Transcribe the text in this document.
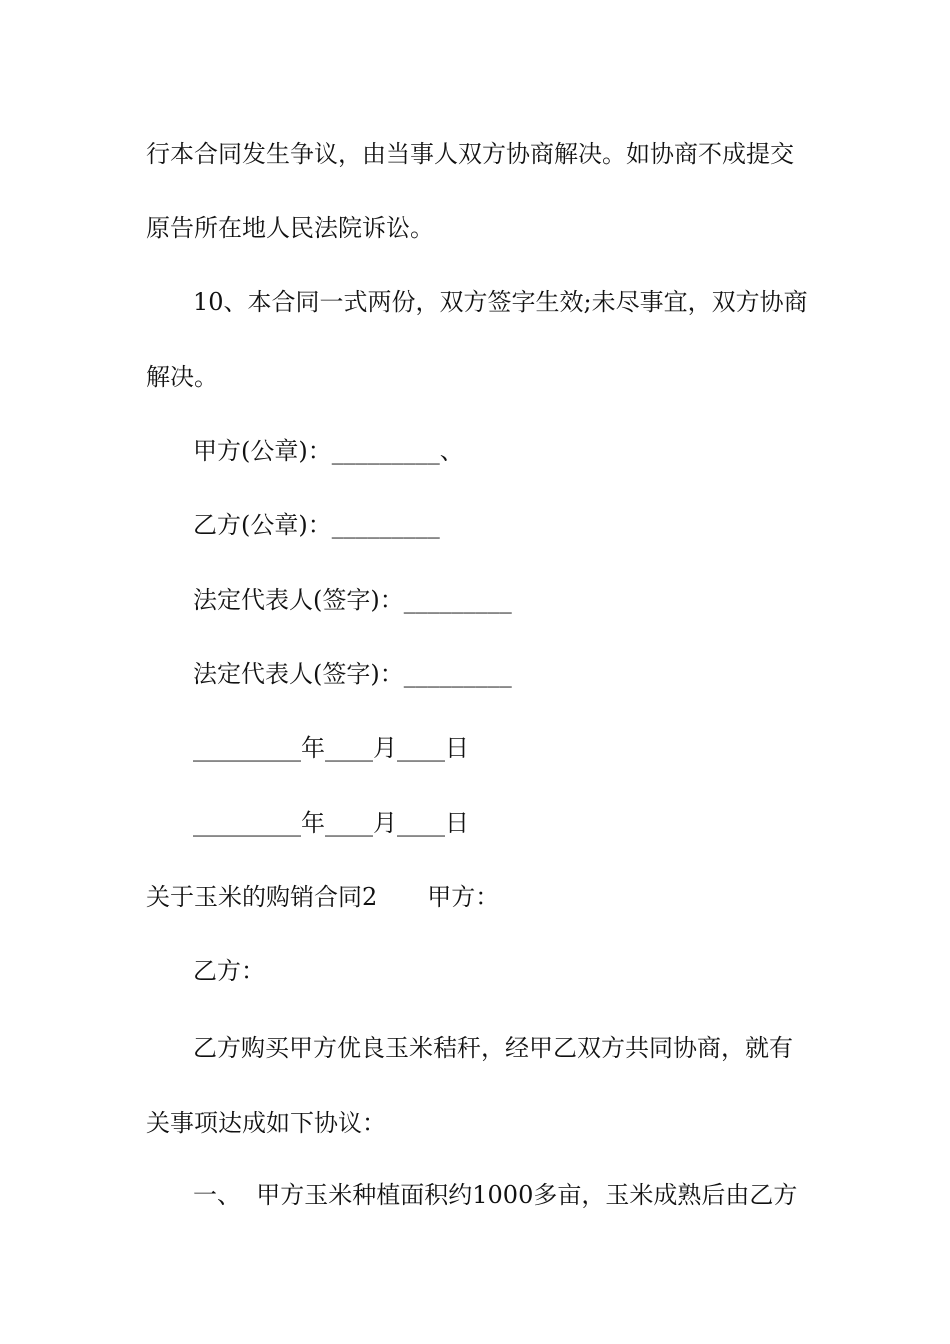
行本合同发生争议，由当事人双方协商解决。如协商不成提交

原告所在地人民法院诉讼。

10、本合同一式两份，双方签字生效;未尽事宜，双方协商

解决。

甲方(公章)：_________、

乙方(公章)：_________

法定代表人(签字)：_________

法定代表人(签字)：_________

_________年____月____日

_________年____月____日

关于玉米的购销合同2 甲方：

乙方：

乙方购买甲方优良玉米秸秆，经甲乙双方共同协商，就有

关事项达成如下协议：

一、  甲方玉米种植面积约1000多亩，玉米成熟后由乙方
